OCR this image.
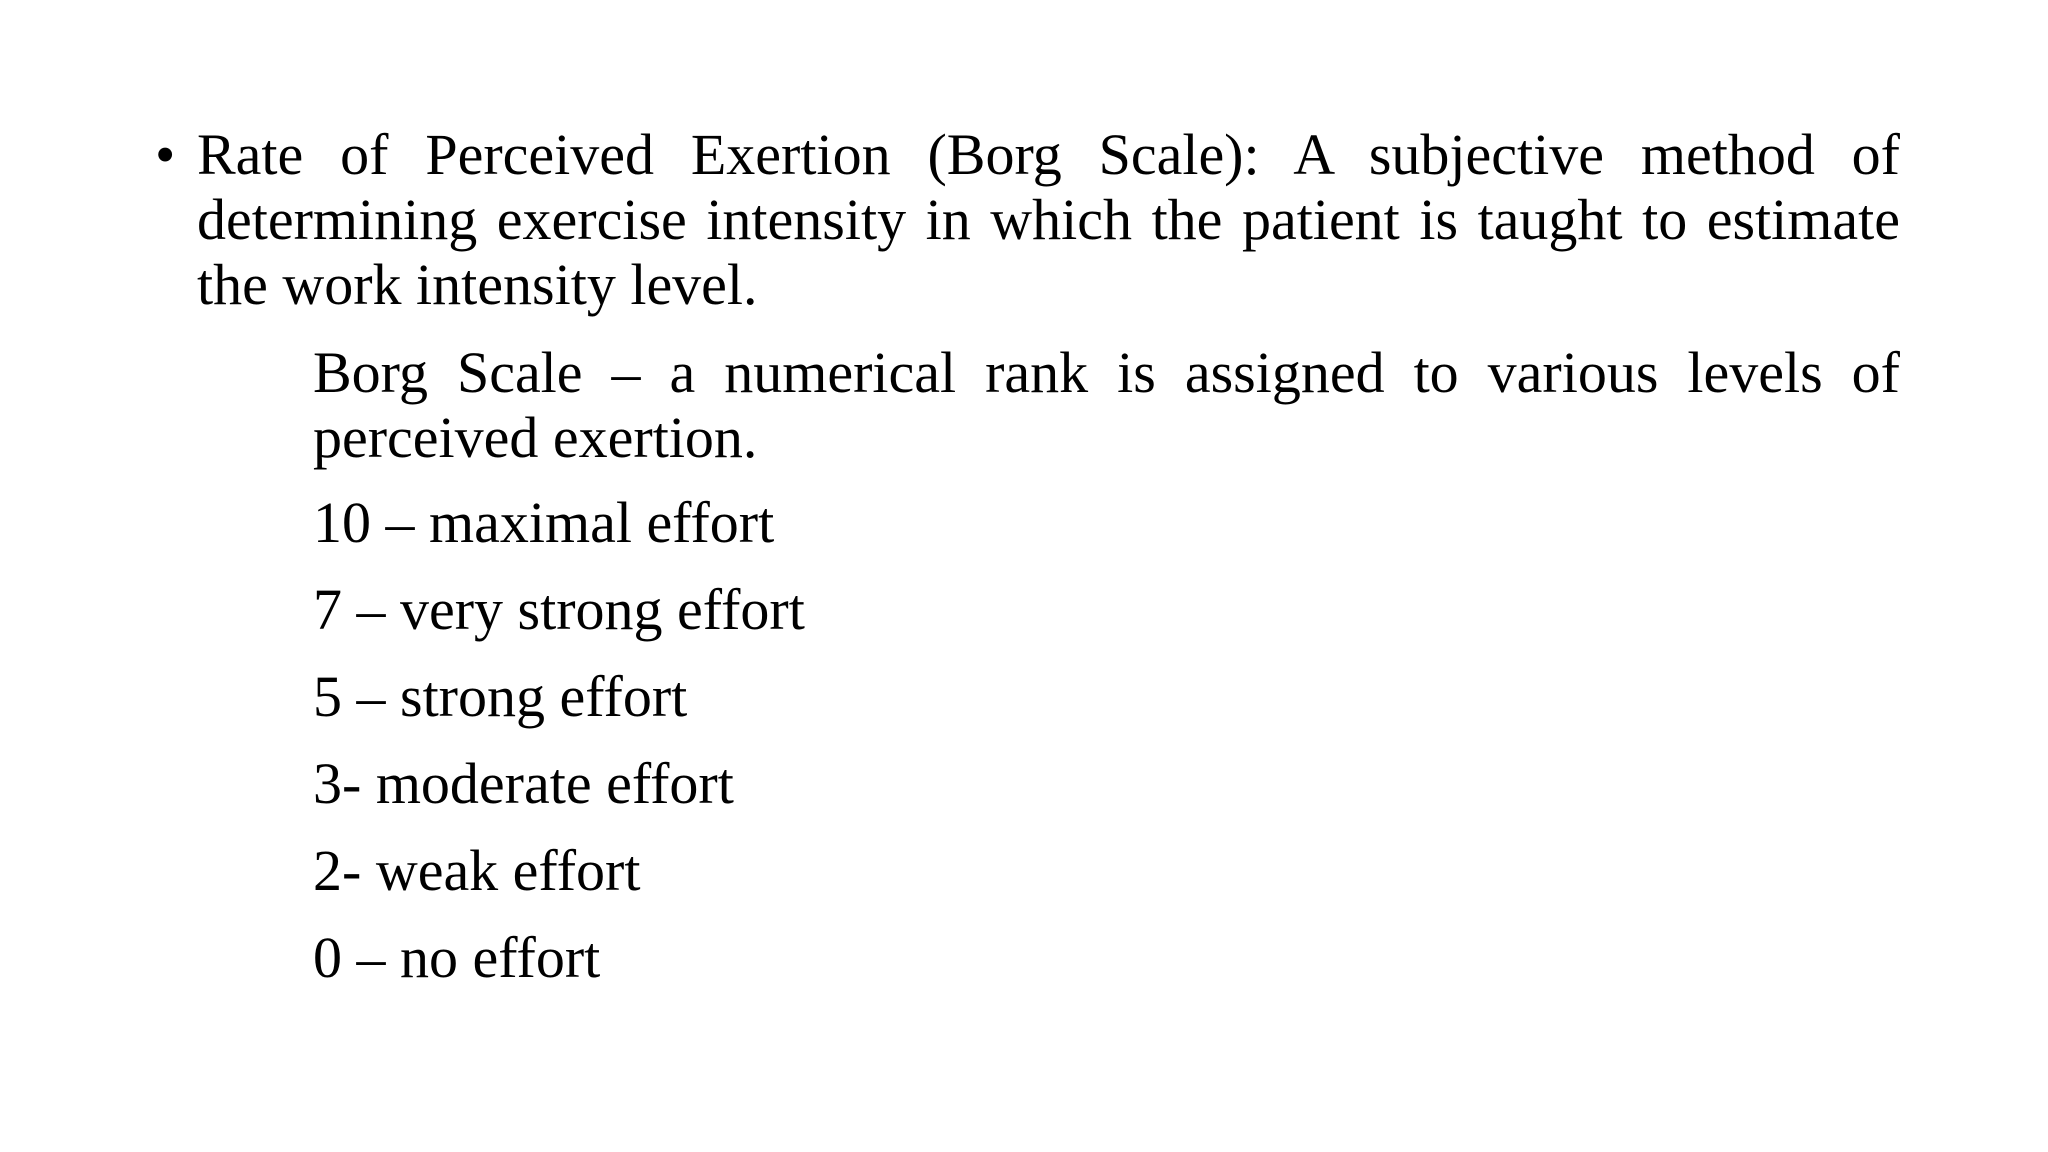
• Rate of Perceived Exertion (Borg Scale): A subjective method of determining exercise intensity in which the patient is taught to estimate the work intensity level.

Borg Scale – a numerical rank is assigned to various levels of perceived exertion.

10 – maximal effort
7 – very strong effort
5 – strong effort
3- moderate effort
2- weak effort
0 – no effort
